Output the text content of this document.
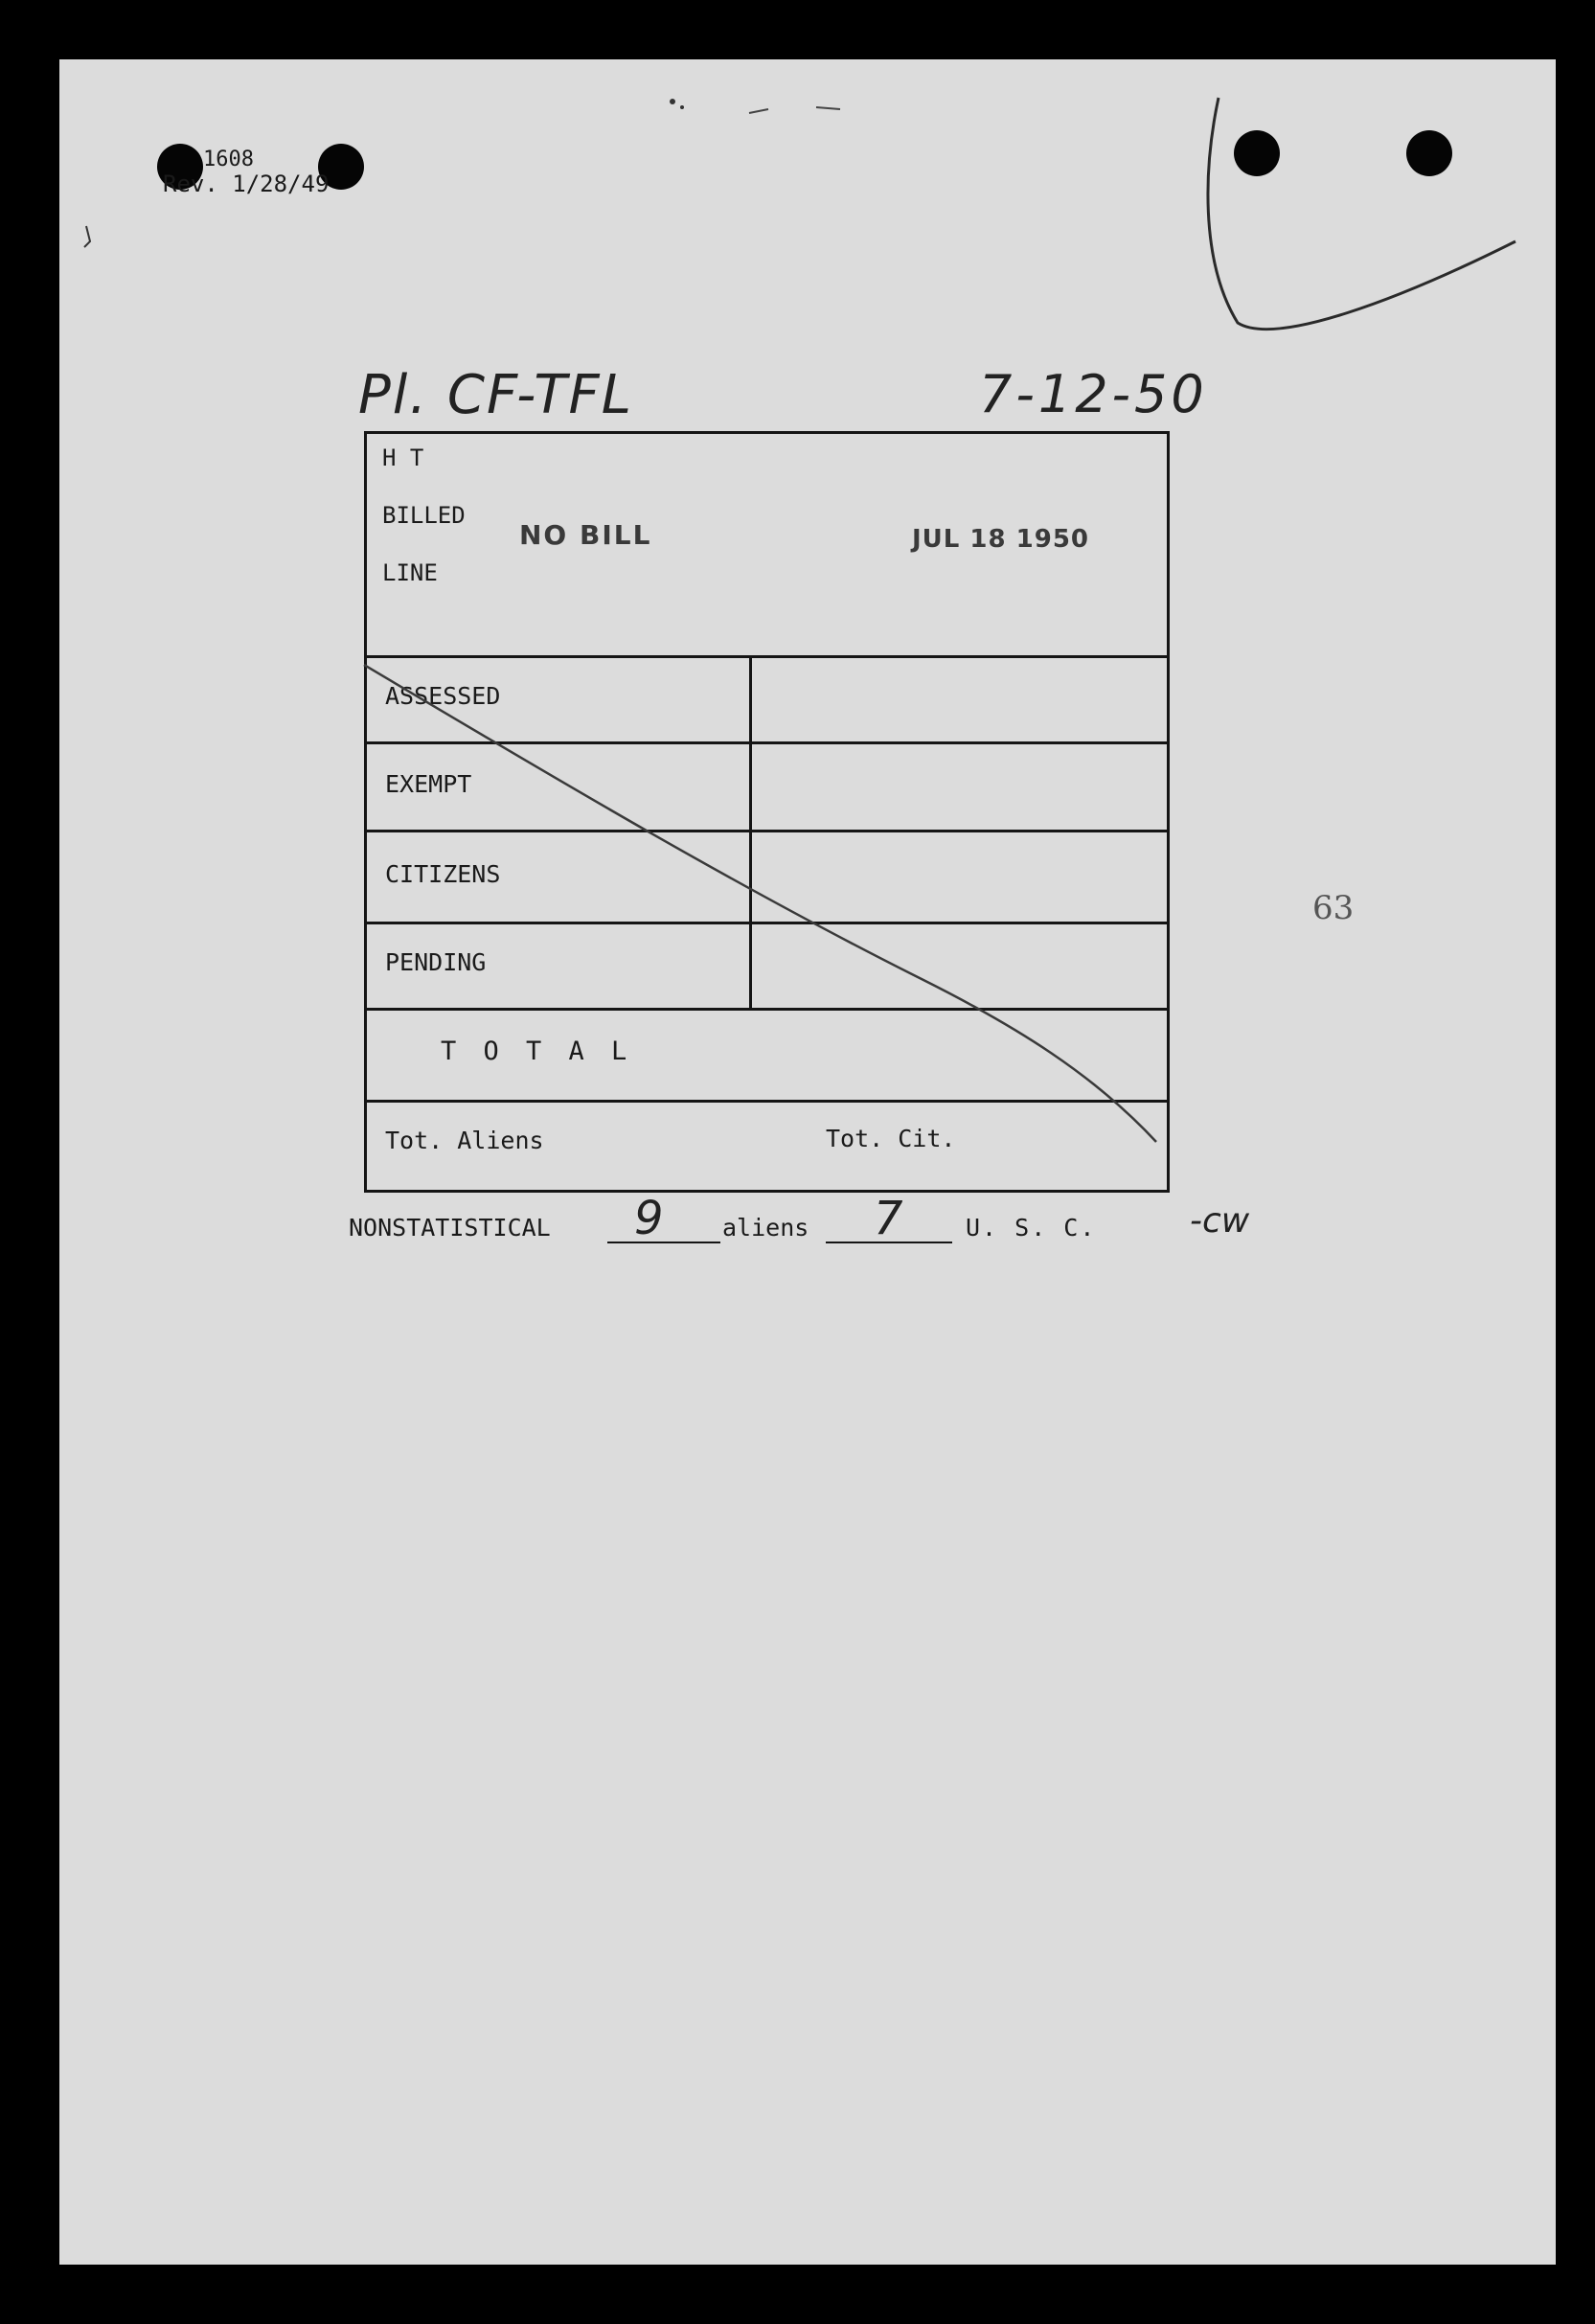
1608
Rev. 1/28/49
Pl. CF-TFL	7-12-50
H T
BILLED
LINE
NO BILL	JUL 18 1950
ASSESSED
EXEMPT
CITIZENS
PENDING
T O T A L
Tot. Aliens	Tot. Cit.
NONSTATISTICAL 9 aliens 7	U. S. C.	-cw
63
